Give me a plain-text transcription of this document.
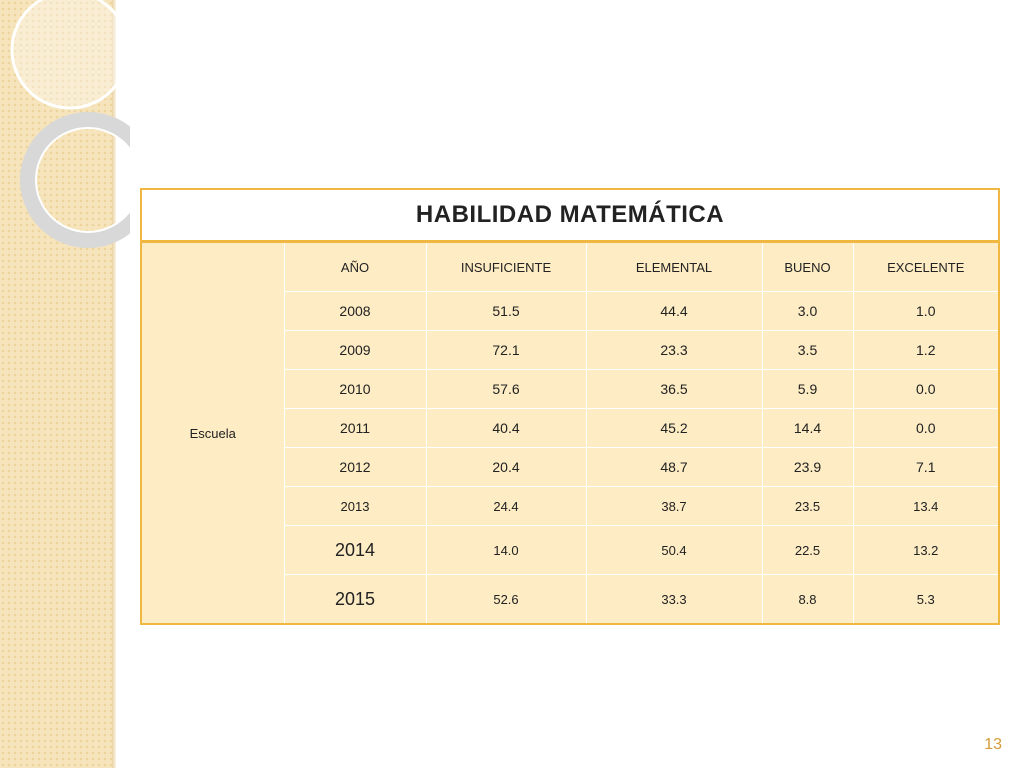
HABILIDAD MATEMÁTICA					
Escuela	AÑO	INSUFICIENTE	ELEMENTAL	BUENO	EXCELENTE
	2008	51.5	44.4	3.0	1.0
	2009	72.1	23.3	3.5	1.2
	2010	57.6	36.5	5.9	0.0
	2011	40.4	45.2	14.4	0.0
	2012	20.4	48.7	23.9	7.1
	2013	24.4	38.7	23.5	13.4
	2014	14.0	50.4	22.5	13.2
	2015	52.6	33.3	8.8	5.3
13
